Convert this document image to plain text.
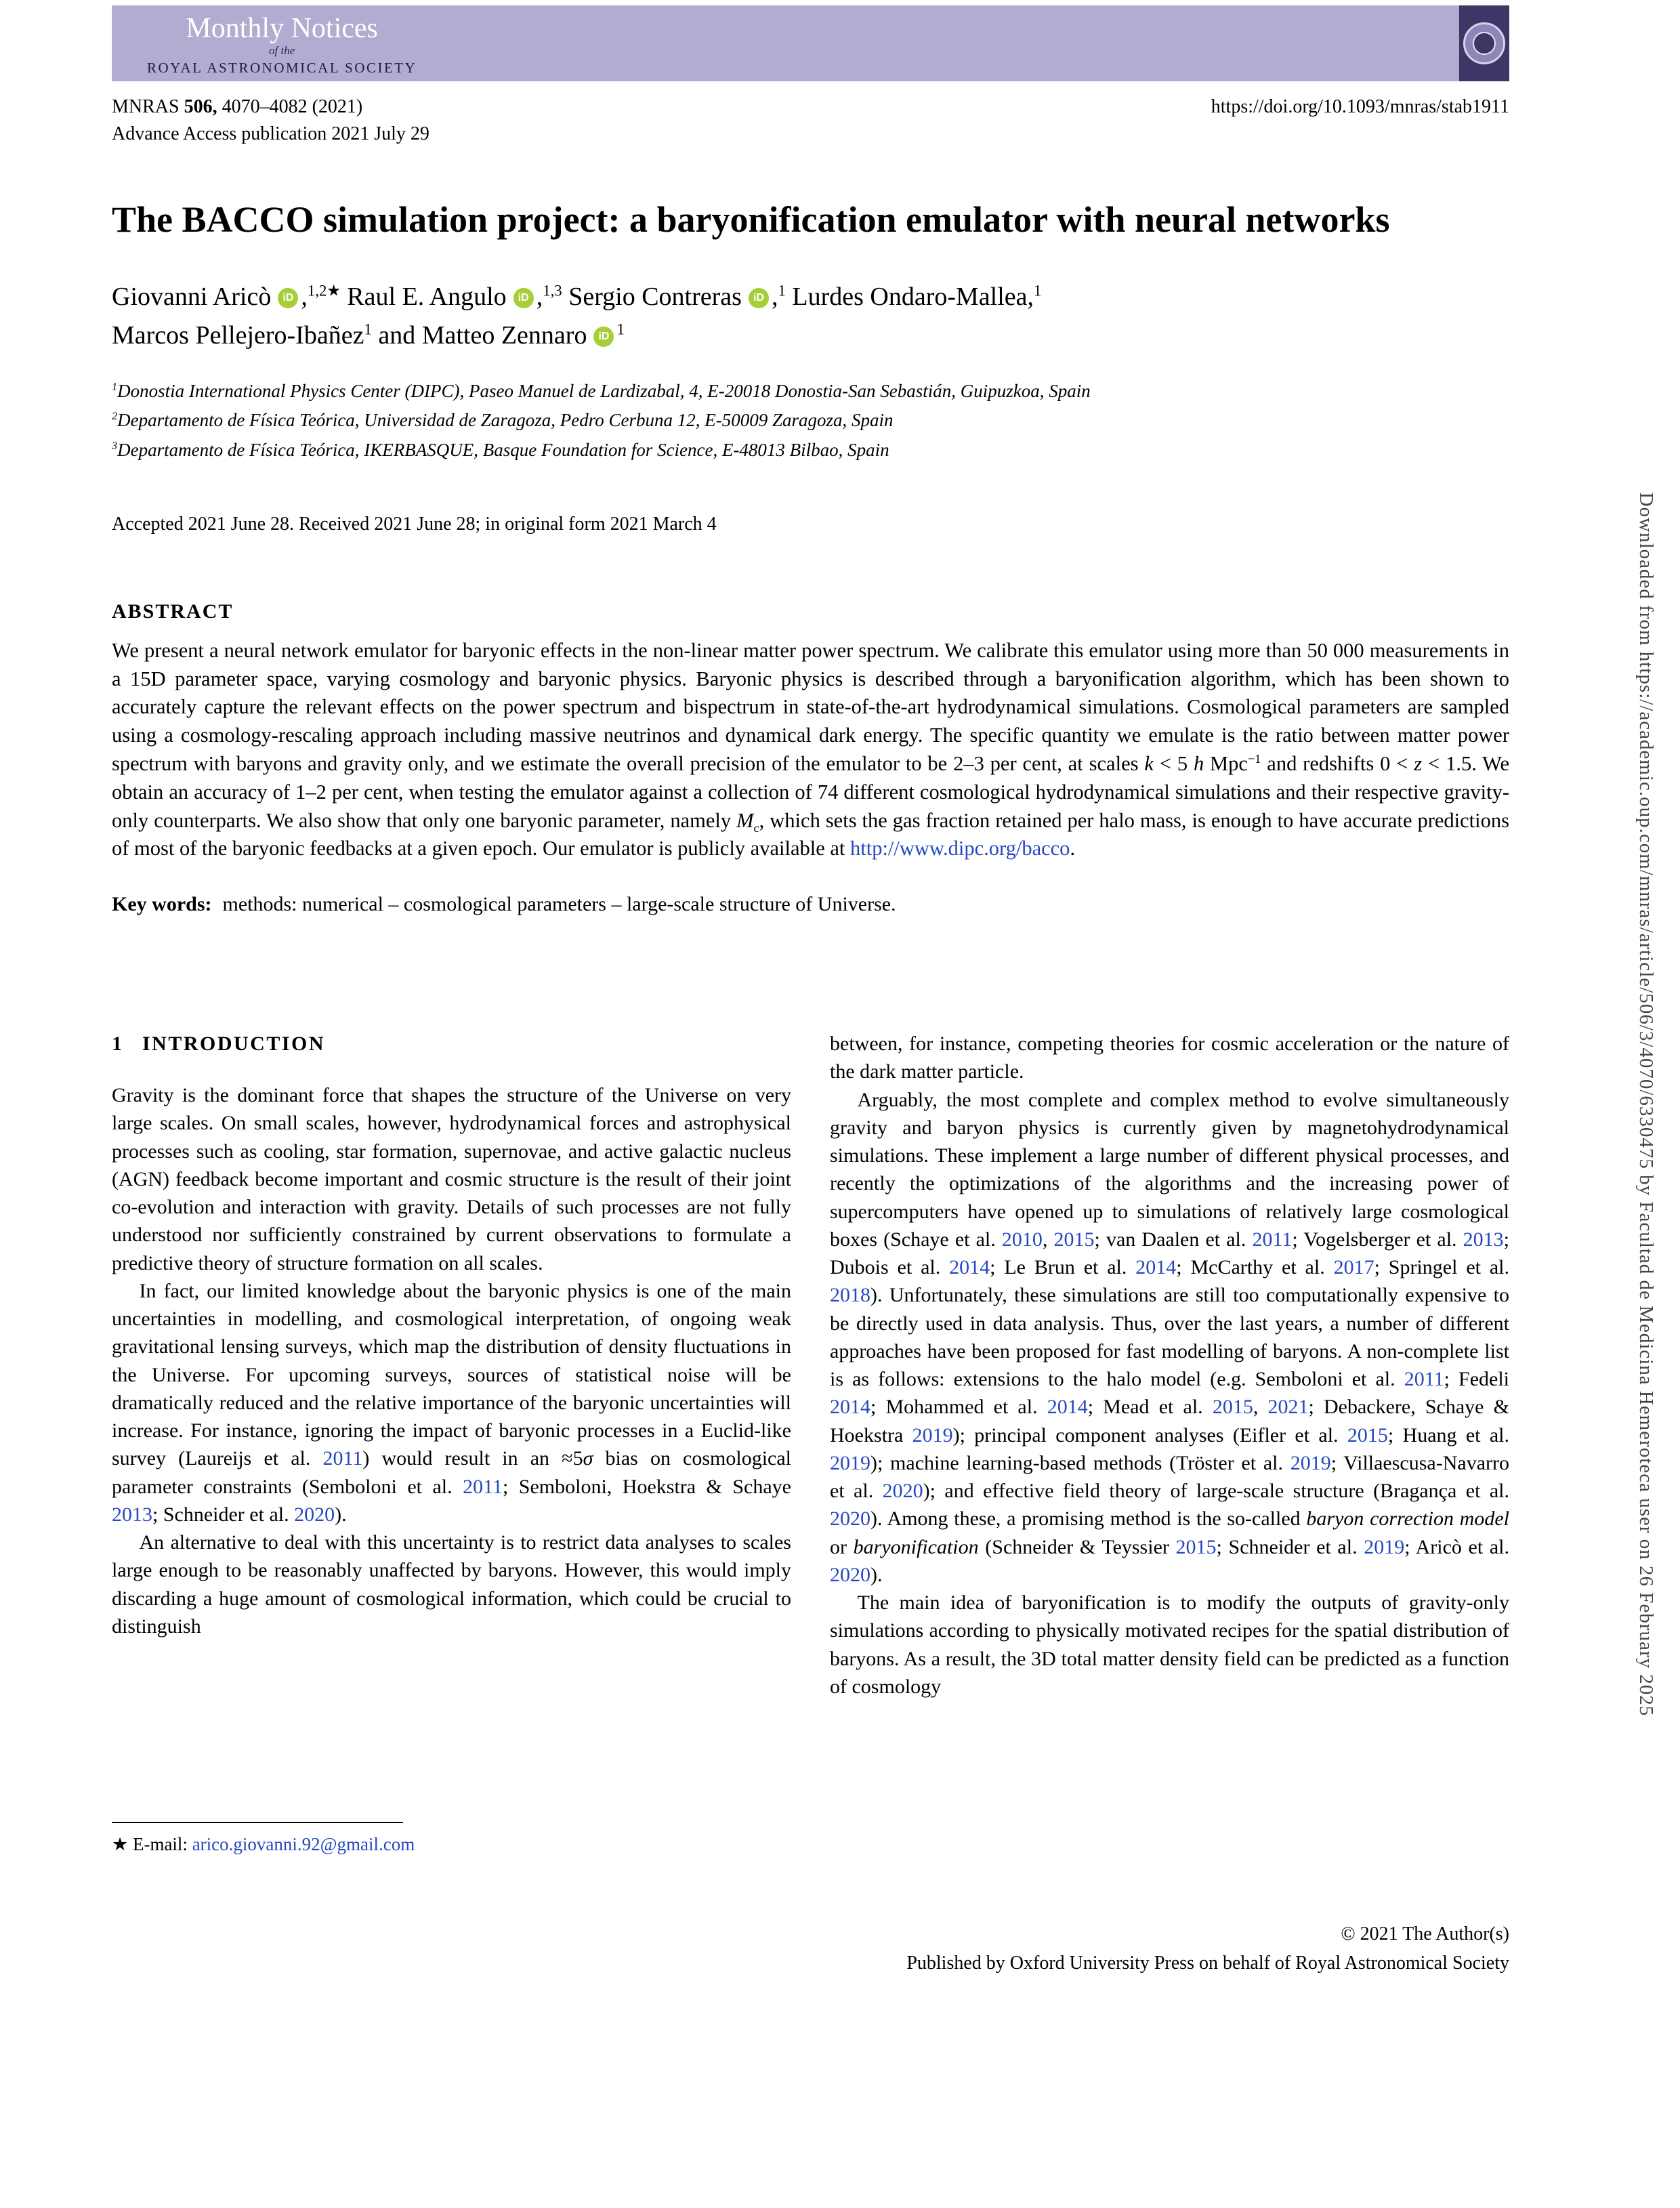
Downloaded from https://academic.oup.com/mnras/article/506/3/4070/6330475 by Facultad de Medicina Hemeroteca user on 26 February 2025
Monthly Notices
of the
ROYAL ASTRONOMICAL SOCIETY
MNRAS 506, 4070–4082 (2021)	https://doi.org/10.1093/mnras/stab1911
Advance Access publication 2021 July 29
The BACCO simulation project: a baryonification emulator with neural networks
Giovanni Aricò iD ,$^{1,2★}$ Raul E. Angulo iD ,$^{1,3}$ Sergio Contreras iD ,$^1$ Lurdes Ondaro-Mallea,$^1$
Marcos Pellejero-Ibañez$^1$ and Matteo Zennaro iD $^1$
$^1$Donostia International Physics Center (DIPC), Paseo Manuel de Lardizabal, 4, E-20018 Donostia-San Sebastián, Guipuzkoa, Spain
$^2$Departamento de Física Teórica, Universidad de Zaragoza, Pedro Cerbuna 12, E-50009 Zaragoza, Spain
$^3$Departamento de Física Teórica, IKERBASQUE, Basque Foundation for Science, E-48013 Bilbao, Spain
Accepted 2021 June 28. Received 2021 June 28; in original form 2021 March 4
ABSTRACT

We present a neural network emulator for baryonic effects in the non-linear matter power spectrum. We calibrate this emulator using more than 50 000 measurements in a 15D parameter space, varying cosmology and baryonic physics. Baryonic physics is described through a baryonification algorithm, which has been shown to accurately capture the relevant effects on the power spectrum and bispectrum in state-of-the-art hydrodynamical simulations. Cosmological parameters are sampled using a cosmology-rescaling approach including massive neutrinos and dynamical dark energy. The specific quantity we emulate is the ratio between matter power spectrum with baryons and gravity only, and we estimate the overall precision of the emulator to be 2–3 per cent, at scales k < 5 h Mpc$^{-1}$ and redshifts 0 < z < 1.5. We obtain an accuracy of 1–2 per cent, when testing the emulator against a collection of 74 different cosmological hydrodynamical simulations and their respective gravity-only counterparts. We also show that only one baryonic parameter, namely $M_c$, which sets the gas fraction retained per halo mass, is enough to have accurate predictions of most of the baryonic feedbacks at a given epoch. Our emulator is publicly available at http://www.dipc.org/bacco.

Key words: methods: numerical – cosmological parameters – large-scale structure of Universe.

1 INTRODUCTION

Gravity is the dominant force that shapes the structure of the Universe on very large scales. On small scales, however, hydrodynamical forces and astrophysical processes such as cooling, star formation, supernovae, and active galactic nucleus (AGN) feedback become important and cosmic structure is the result of their joint co-evolution and interaction with gravity. Details of such processes are not fully understood nor sufficiently constrained by current observations to formulate a predictive theory of structure formation on all scales.

In fact, our limited knowledge about the baryonic physics is one of the main uncertainties in modelling, and cosmological interpretation, of ongoing weak gravitational lensing surveys, which map the distribution of density fluctuations in the Universe. For upcoming surveys, sources of statistical noise will be dramatically reduced and the relative importance of the baryonic uncertainties will increase. For instance, ignoring the impact of baryonic processes in a Euclid-like survey (Laureijs et al. 2011) would result in an ≈5σ bias on cosmological parameter constraints (Semboloni et al. 2011; Semboloni, Hoekstra & Schaye 2013; Schneider et al. 2020).

An alternative to deal with this uncertainty is to restrict data analyses to scales large enough to be reasonably unaffected by baryons. However, this would imply discarding a huge amount of cosmological information, which could be crucial to distinguish

★ E-mail: arico.giovanni.92@gmail.com

between, for instance, competing theories for cosmic acceleration or the nature of the dark matter particle.

Arguably, the most complete and complex method to evolve simultaneously gravity and baryon physics is currently given by magnetohydrodynamical simulations. These implement a large number of different physical processes, and recently the optimizations of the algorithms and the increasing power of supercomputers have opened up to simulations of relatively large cosmological boxes (Schaye et al. 2010, 2015; van Daalen et al. 2011; Vogelsberger et al. 2013; Dubois et al. 2014; Le Brun et al. 2014; McCarthy et al. 2017; Springel et al. 2018). Unfortunately, these simulations are still too computationally expensive to be directly used in data analysis. Thus, over the last years, a number of different approaches have been proposed for fast modelling of baryons. A non-complete list is as follows: extensions to the halo model (e.g. Semboloni et al. 2011; Fedeli 2014; Mohammed et al. 2014; Mead et al. 2015, 2021; Debackere, Schaye & Hoekstra 2019); principal component analyses (Eifler et al. 2015; Huang et al. 2019); machine learning-based methods (Tröster et al. 2019; Villaescusa-Navarro et al. 2020); and effective field theory of large-scale structure (Bragança et al. 2020). Among these, a promising method is the so-called baryon correction model or baryonification (Schneider & Teyssier 2015; Schneider et al. 2019; Aricò et al. 2020).

The main idea of baryonification is to modify the outputs of gravity-only simulations according to physically motivated recipes for the spatial distribution of baryons. As a result, the 3D total matter density field can be predicted as a function of cosmology

© 2021 The Author(s)
Published by Oxford University Press on behalf of Royal Astronomical Society
